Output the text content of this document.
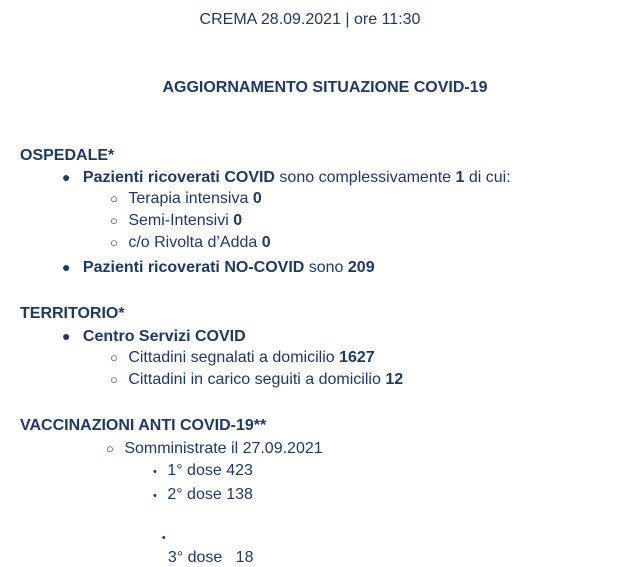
CREMA 28.09.2021 | ore 11:30
AGGIORNAMENTO SITUAZIONE COVID-19
OSPEDALE*
● Pazienti ricoverati COVID sono complessivamente 1 di cui:
○ Terapia intensiva 0
○ Semi-Intensivi 0
○ c/o Rivolta d’Adda 0
● Pazienti ricoverati NO-COVID sono 209
TERRITORIO*
● Centro Servizi COVID
○ Cittadini segnalati a domicilio 1627
○ Cittadini in carico seguiti a domicilio 12
VACCINAZIONI ANTI COVID-19**
○ Somministrate il 27.09.2021
• 1° dose 423
• 2° dose 138

•
3° dose   18
